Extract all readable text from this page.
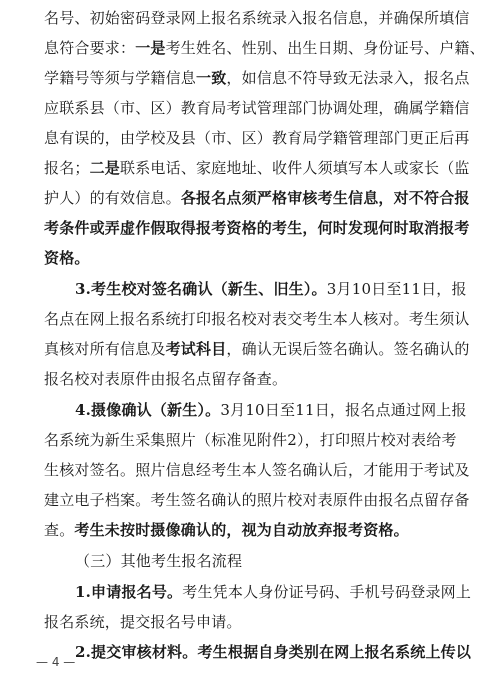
名号、初始密码登录网上报名系统录入报名信息，并确保所填信
息符合要求：一是考生姓名、性别、出生日期、身份证号、户籍、
学籍号等须与学籍信息一致，如信息不符导致无法录入，报名点
应联系县（市、区）教育局考试管理部门协调处理，确属学籍信
息有误的，由学校及县（市、区）教育局学籍管理部门更正后再
报名；二是联系电话、家庭地址、收件人须填写本人或家长（监
护人）的有效信息。各报名点须严格审核考生信息，对不符合报
考条件或弄虚作假取得报考资格的考生，何时发现何时取消报考
资格。
3.考生校对签名确认（新生、旧生）。3月10日至11日，报
名点在网上报名系统打印报名校对表交考生本人核对。考生须认
真核对所有信息及考试科目，确认无误后签名确认。签名确认的
报名校对表原件由报名点留存备查。
4.摄像确认（新生）。3月10日至11日，报名点通过网上报
名系统为新生采集照片（标准见附件2），打印照片校对表给考
生核对签名。照片信息经考生本人签名确认后，才能用于考试及
建立电子档案。考生签名确认的照片校对表原件由报名点留存备
查。考生未按时摄像确认的，视为自动放弃报考资格。
（三）其他考生报名流程
1.申请报名号。考生凭本人身份证号码、手机号码登录网上
报名系统，提交报名号申请。
2.提交审核材料。考生根据自身类别在网上报名系统上传以
— 4 —
